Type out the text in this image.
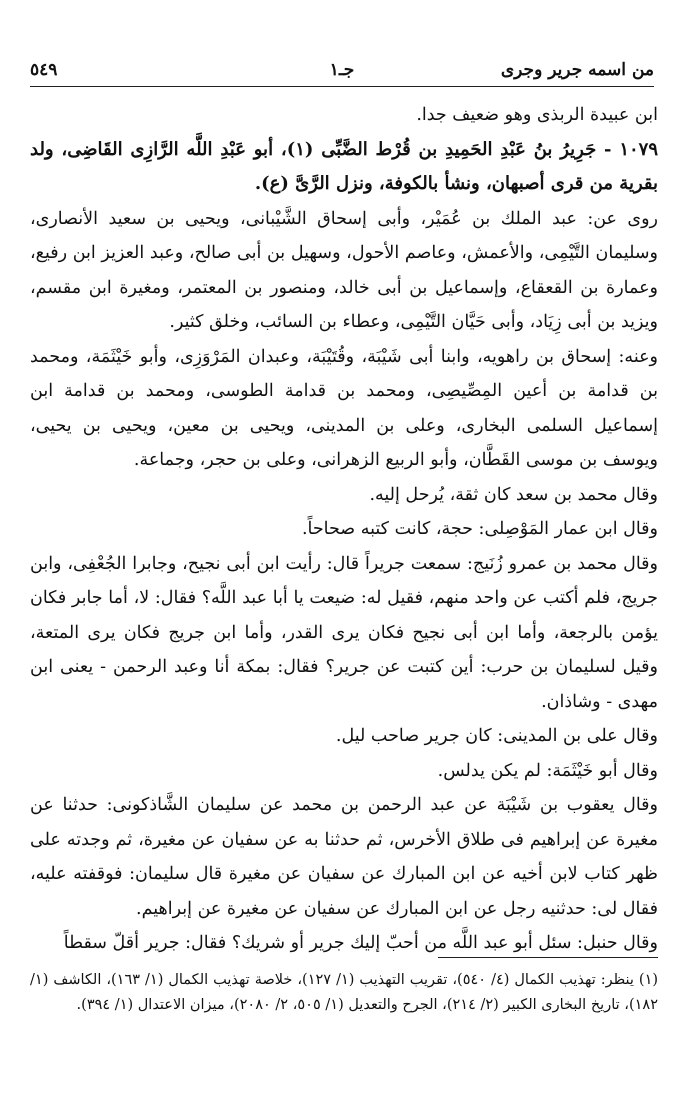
من اسمه جرير وجرى
جـ١
٥٤٩

ابن عبيدة الربذى وهو ضعيف جدا.

١٠٧٩ - جَرِيرُ بنُ عَبْدِ الحَمِيدِ بن قُرْط الضَّبِّى (١)، أبو عَبْدِ اللَّه الرَّازِى القَاضِى، ولد بقرية من قرى أصبهان، ونشأ بالكوفة، ونزل الرَّىَّ (ع).

روى عن: عبد الملك بن عُمَيْر، وأبى إسحاق الشَّيْبانى، ويحيى بن سعيد الأنصارى، وسليمان التَّيْمِى، والأعمش، وعاصم الأحول، وسهيل بن أبى صالح، وعبد العزيز ابن رفيع، وعمارة بن القعقاع، وإسماعيل بن أبى خالد، ومنصور بن المعتمر، ومغيرة ابن مقسم، ويزيد بن أبى زِيَاد، وأبى حَيَّان التَّيْمِى، وعطاء بن السائب، وخلق كثير.

وعنه: إسحاق بن راهويه، وابنا أبى شَيْبَة، وقُتَيْبَة، وعبدان المَرْوَزِى، وأبو خَيْثَمَة، ومحمد بن قدامة بن أعين المِصِّيصِى، ومحمد بن قدامة الطوسى، ومحمد بن قدامة ابن إسماعيل السلمى البخارى، وعلى بن المدينى، ويحيى بن معين، ويحيى بن يحيى، ويوسف بن موسى القَطَّان، وأبو الربيع الزهرانى، وعلى بن حجر، وجماعة.

وقال محمد بن سعد كان ثقة، يُرحل إليه.

وقال ابن عمار المَوْصِلى: حجة، كانت كتبه صحاحاً.

وقال محمد بن عمرو زُنَيج: سمعت جريراً قال: رأيت ابن أبى نجيح، وجابرا الجُعْفِى، وابن جريج، فلم أكتب عن واحد منهم، فقيل له: ضيعت يا أبا عبد اللَّه؟ فقال: لا، أما جابر فكان يؤمن بالرجعة، وأما ابن أبى نجيح فكان يرى القدر، وأما ابن جريج فكان يرى المتعة، وقيل لسليمان بن حرب: أين كتبت عن جرير؟ فقال: بمكة أنا وعبد الرحمن - يعنى ابن مهدى - وشاذان.

وقال على بن المدينى: كان جرير صاحب ليل.

وقال أبو خَيْثَمَة: لم يكن يدلس.

وقال يعقوب بن شَيْبَة عن عبد الرحمن بن محمد عن سليمان الشَّاذكونى: حدثنا عن مغيرة عن إبراهيم فى طلاق الأخرس، ثم حدثنا به عن سفيان عن مغيرة، ثم وجدته على ظهر كتاب لابن أخيه عن ابن المبارك عن سفيان عن مغيرة قال سليمان: فوقفته عليه، فقال لى: حدثنيه رجل عن ابن المبارك عن سفيان عن مغيرة عن إبراهيم.

وقال حنبل: سئل أبو عبد اللَّه من أحبّ إليك جرير أو شريك؟ فقال: جرير أقلّ سقطاً

(١) ينظر: تهذيب الكمال (٤/ ٥٤٠)، تقريب التهذيب (١/ ١٢٧)، خلاصة تهذيب الكمال (١/ ١٦٣)، الكاشف (١/ ١٨٢)، تاريخ البخارى الكبير (٢/ ٢١٤)، الجرح والتعديل (١/ ٥٠٥، ٢/ ٢٠٨٠)، ميزان الاعتدال (١/ ٣٩٤).
